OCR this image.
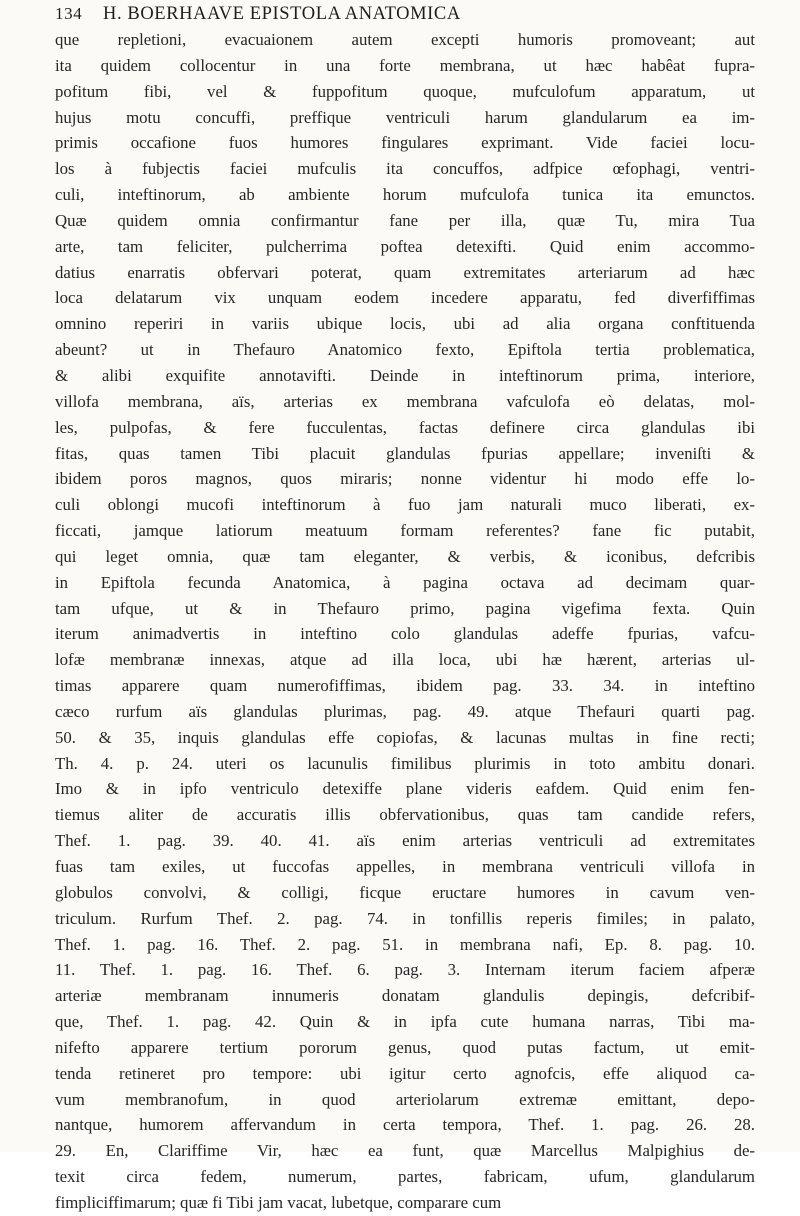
134 H. BOERHAAVE EPISTOLA ANATOMICA
que repletioni, evacuaionem autem excepti humoris promoveant; aut
ita quidem collocentur in una forte membrana, ut hæc habêat fupra-
pofitum fibi, vel & fuppofitum quoque, mufculofum apparatum, ut
hujus motu concuffi, preffique ventriculi harum glandularum ea im-
primis occafione fuos humores fingulares exprimant. Vide faciei locu-
los à fubjectis faciei mufculis ita concuffos, adfpice œfophagi, ventri-
culi, inteftinorum, ab ambiente horum mufculofa tunica ita emunctos.
Quæ quidem omnia confirmantur fane per illa, quæ Tu, mira Tua
arte, tam feliciter, pulcherrima poftea detexifti. Quid enim accommo-
datius enarratis obfervari poterat, quam extremitates arteriarum ad hæc
loca delatarum vix unquam eodem incedere apparatu, fed diverfiffimas
omnino reperiri in variis ubique locis, ubi ad alia organa conftituenda
abeunt? ut in Thefauro Anatomico fexto, Epiftola tertia problematica,
& alibi exquifite annotavifti. Deinde in inteftinorum prima, interiore,
villofa membrana, aïs, arterias ex membrana vafculofa eò delatas, mol-
les, pulpofas, & fere fucculentas, factas definere circa glandulas ibi
fitas, quas tamen Tibi placuit glandulas fpurias appellare; inveniſti &
ibidem poros magnos, quos miraris; nonne videntur hi modo effe lo-
culi oblongi mucofi inteftinorum à fuo jam naturali muco liberati, ex-
ficcati, jamque latiorum meatuum formam referentes? fane fic putabit,
qui leget omnia, quæ tam eleganter, & verbis, & iconibus, defcribis
in Epiftola fecunda Anatomica, à pagina octava ad decimam quar-
tam ufque, ut & in Thefauro primo, pagina vigefima fexta. Quin
iterum animadvertis in inteftino colo glandulas adeffe fpurias, vafcu-
lofæ membranæ innexas, atque ad illa loca, ubi hæ hærent, arterias ul-
timas apparere quam numerofiffimas, ibidem pag. 33. 34. in inteftino
cæco rurfum aïs glandulas plurimas, pag. 49. atque Thefauri quarti pag.
50. & 35, inquis glandulas effe copiofas, & lacunas multas in fine recti;
Th. 4. p. 24. uteri os lacunulis fimilibus plurimis in toto ambitu donari.
Imo & in ipfo ventriculo detexiffe plane videris eafdem. Quid enim fen-
tiemus aliter de accuratis illis obfervationibus, quas tam candide refers,
Thef. 1. pag. 39. 40. 41. aïs enim arterias ventriculi ad extremitates
fuas tam exiles, ut fuccofas appelles, in membrana ventriculi villofa in
globulos convolvi, & colligi, ficque eructare humores in cavum ven-
triculum. Rurfum Thef. 2. pag. 74. in tonfillis reperis fimiles; in palato,
Thef. 1. pag. 16. Thef. 2. pag. 51. in membrana nafi, Ep. 8. pag. 10.
11. Thef. 1. pag. 16. Thef. 6. pag. 3. Internam iterum faciem afperæ
arteriæ membranam innumeris donatam glandulis depingis, defcribif-
que, Thef. 1. pag. 42. Quin & in ipfa cute humana narras, Tibi ma-
nifefto apparere tertium pororum genus, quod putas factum, ut emit-
tenda retineret pro tempore: ubi igitur certo agnofcis, effe aliquod ca-
vum membranofum, in quod arteriolarum extremæ emittant, depo-
nantque, humorem affervandum in certa tempora, Thef. 1. pag. 26. 28.
29. En, Clariffime Vir, hæc ea funt, quæ Marcellus Malpighius de-
texit circa fedem, numerum, partes, fabricam, ufum, glandularum
fimpliciffimarum; quæ fi Tibi jam vacat, lubetque, comparare cum
